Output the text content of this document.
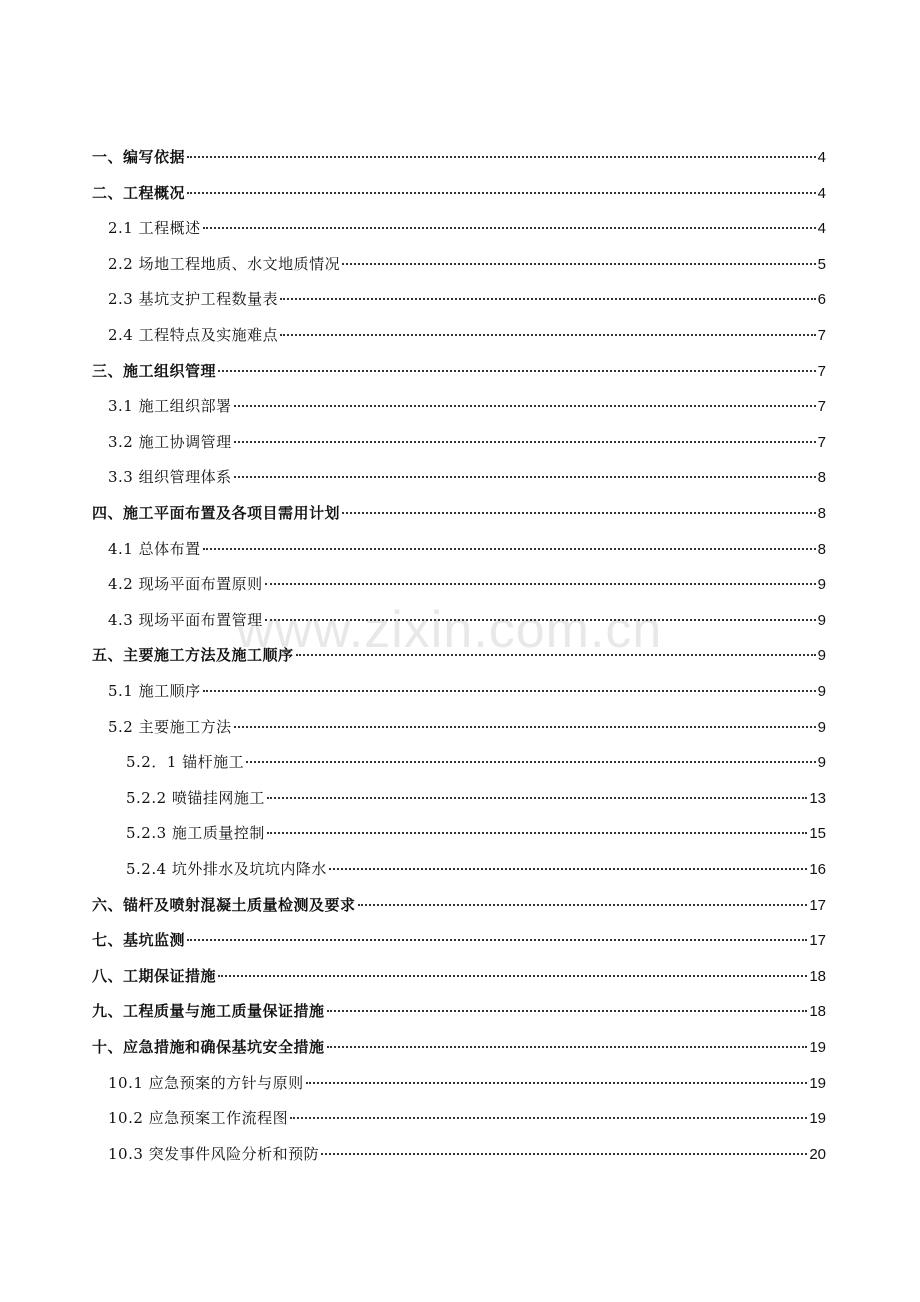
www.zixin.com.cn
一、编写依据	4
二、工程概况	4
2.1 工程概述	4
2.2 场地工程地质、水文地质情况	5
2.3 基坑支护工程数量表	6
2.4 工程特点及实施难点	7
三、施工组织管理	7
3.1 施工组织部署	7
3.2 施工协调管理	7
3.3 组织管理体系	8
四、施工平面布置及各项目需用计划	8
4.1 总体布置	8
4.2 现场平面布置原则	9
4.3 现场平面布置管理	9
五、主要施工方法及施工顺序	9
5.1 施工顺序	9
5.2 主要施工方法	9
5.2．1 锚杆施工	9
5.2.2 喷锚挂网施工	13
5.2.3 施工质量控制	15
5.2.4 坑外排水及坑坑内降水	16
六、锚杆及喷射混凝土质量检测及要求	17
七、基坑监测	17
八、工期保证措施	18
九、工程质量与施工质量保证措施	18
十、应急措施和确保基坑安全措施	19
10.1 应急预案的方针与原则	19
10.2 应急预案工作流程图	19
10.3 突发事件风险分析和预防	20
